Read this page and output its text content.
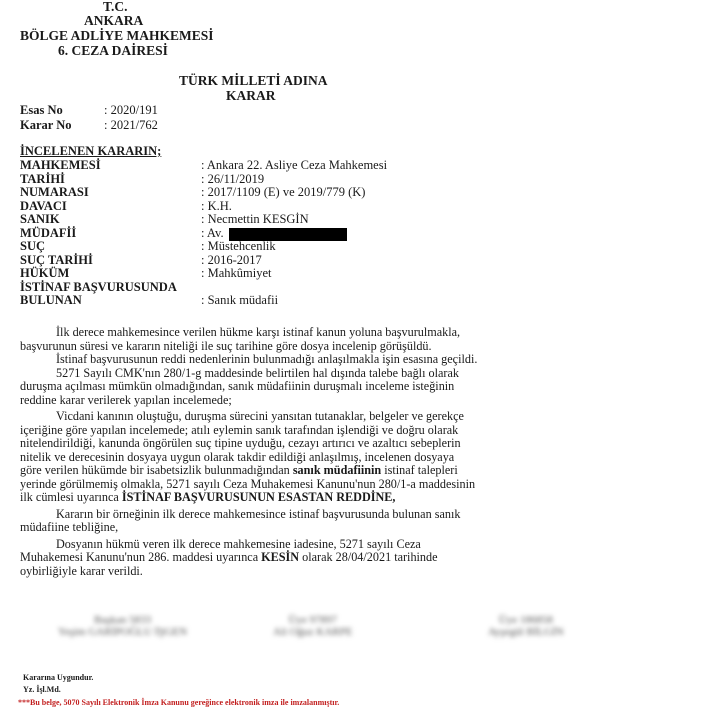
T.C.
ANKARA
BÖLGE ADLİYE MAHKEMESİ
6. CEZA DAİRESİ
TÜRK MİLLETİ ADINA
KARAR
Esas No	: 2020/191
Karar No	: 2021/762
İNCELENEN KARARIN;
MAHKEMESİ	: Ankara 22. Asliye Ceza Mahkemesi
TARİHİ	: 26/11/2019
NUMARASI	: 2017/1109 (E) ve 2019/779 (K)
DAVACI	: K.H.
SANIK	: Necmettin KESGİN
MÜDAFİİ	: Av.
SUÇ	: Müstehcenlik
SUÇ TARİHİ	: 2016-2017
HÜKÜM	: Mahkûmiyet
İSTİNAF BAŞVURUSUNDA
BULUNAN	: Sanık müdafii
İlk derece mahkemesince verilen hükme karşı istinaf kanun yoluna başvurulmakla,
başvurunun süresi ve kararın niteliği ile suç tarihine göre dosya incelenip görüşüldü.
İstinaf başvurusunun reddi nedenlerinin bulunmadığı anlaşılmakla işin esasına geçildi.
5271 Sayılı CMK'nın 280/1-g maddesinde belirtilen hal dışında talebe bağlı olarak
duruşma açılması mümkün olmadığından, sanık müdafiinin duruşmalı inceleme isteğinin
reddine karar verilerek yapılan incelemede;
Vicdani kanının oluştuğu, duruşma sürecini yansıtan tutanaklar, belgeler ve gerekçe
içeriğine göre yapılan incelemede; atılı eylemin sanık tarafından işlendiği ve doğru olarak
nitelendirildiği, kanunda öngörülen suç tipine uyduğu, cezayı artırıcı ve azaltıcı sebeplerin
nitelik ve derecesinin dosyaya uygun olarak takdir edildiği anlaşılmış, incelenen dosyaya
göre verilen hükümde bir isabetsizlik bulunmadığından sanık müdafiinin istinaf talepleri
yerinde görülmemiş olmakla, 5271 sayılı Ceza Muhakemesi Kanunu'nun 280/1-a maddesinin
ilk cümlesi uyarınca İSTİNAF BAŞVURUSUNUN ESASTAN REDDİNE,
Kararın bir örneğinin ilk derece mahkemesince istinaf başvurusunda bulunan sanık
müdafiine tebliğine,
Dosyanın hükmü veren ilk derece mahkemesine iadesine, 5271 sayılı Ceza
Muhakemesi Kanunu'nun 286. maddesi uyarınca KESİN olarak 28/04/2021 tarihinde
oybirliğiyle karar verildi.
Başkan 5833
Yeşim GARİPOĞLU İŞGEN
Üye 97897
Ali Oğuz KARPE
Üye 186858
Ayşegül BİLGİN
Kararına Uygundur.
Yz. İşl.Md.
***Bu belge, 5070 Sayılı Elektronik İmza Kanunu gereğince elektronik imza ile imzalanmıştır.
